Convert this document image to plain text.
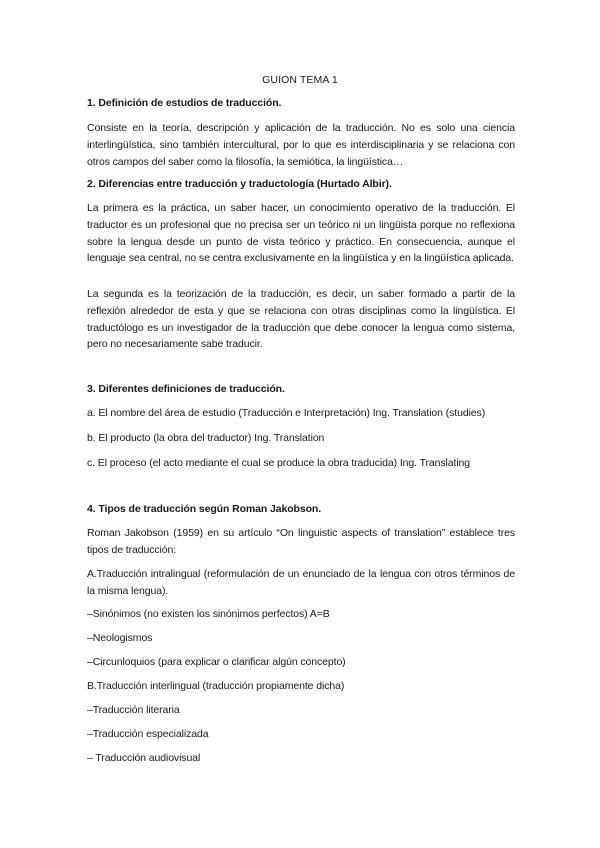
GUION TEMA 1
1. Definición de estudios de traducción.
Consiste en la teoría, descripción y aplicación de la traducción. No es solo una ciencia interlingüística, sino también intercultural, por lo que es interdisciplinaria y se relaciona con otros campos del saber como la filosofía, la semiótica, la lingüística…
2. Diferencias entre traducción y traductología (Hurtado Albir).
La primera es la práctica, un saber hacer, un conocimiento operativo de la traducción. El traductor es un profesional que no precisa ser un teórico ni un lingüista porque no reflexiona sobre la lengua desde un punto de vista teórico y práctico. En consecuencia, aunque el lenguaje sea central, no se centra exclusivamente en la lingüística y en la lingüística aplicada.
La segunda es la teorización de la traducción, es decir, un saber formado a partir de la reflexión alrededor de esta y que se relaciona con otras disciplinas como la lingüística. El traductólogo es un investigador de la traducción que debe conocer la lengua como sistema, pero no necesariamente sabe traducir.
3. Diferentes definiciones de traducción.
a. El nombre del área de estudio (Traducción e Interpretación) Ing. Translation (studies)
b. El producto (la obra del traductor) Ing. Translation
c. El proceso (el acto mediante el cual se produce la obra traducida) Ing. Translating
4. Tipos de traducción según Roman Jakobson.
Roman Jakobson (1959) en su artículo “On linguistic aspects of translation” establece tres tipos de traducción:
A.Traducción intralingual (reformulación de un enunciado de la lengua con otros términos de la misma lengua).
–Sinónimos (no existen los sinónimos perfectos) A=B
–Neologismos
–Circunloquios (para explicar o clarificar algún concepto)
B.Traducción interlingual (traducción propiamente dicha)
–Traducción literaria
–Traducción especializada
– Traducción audiovisual
